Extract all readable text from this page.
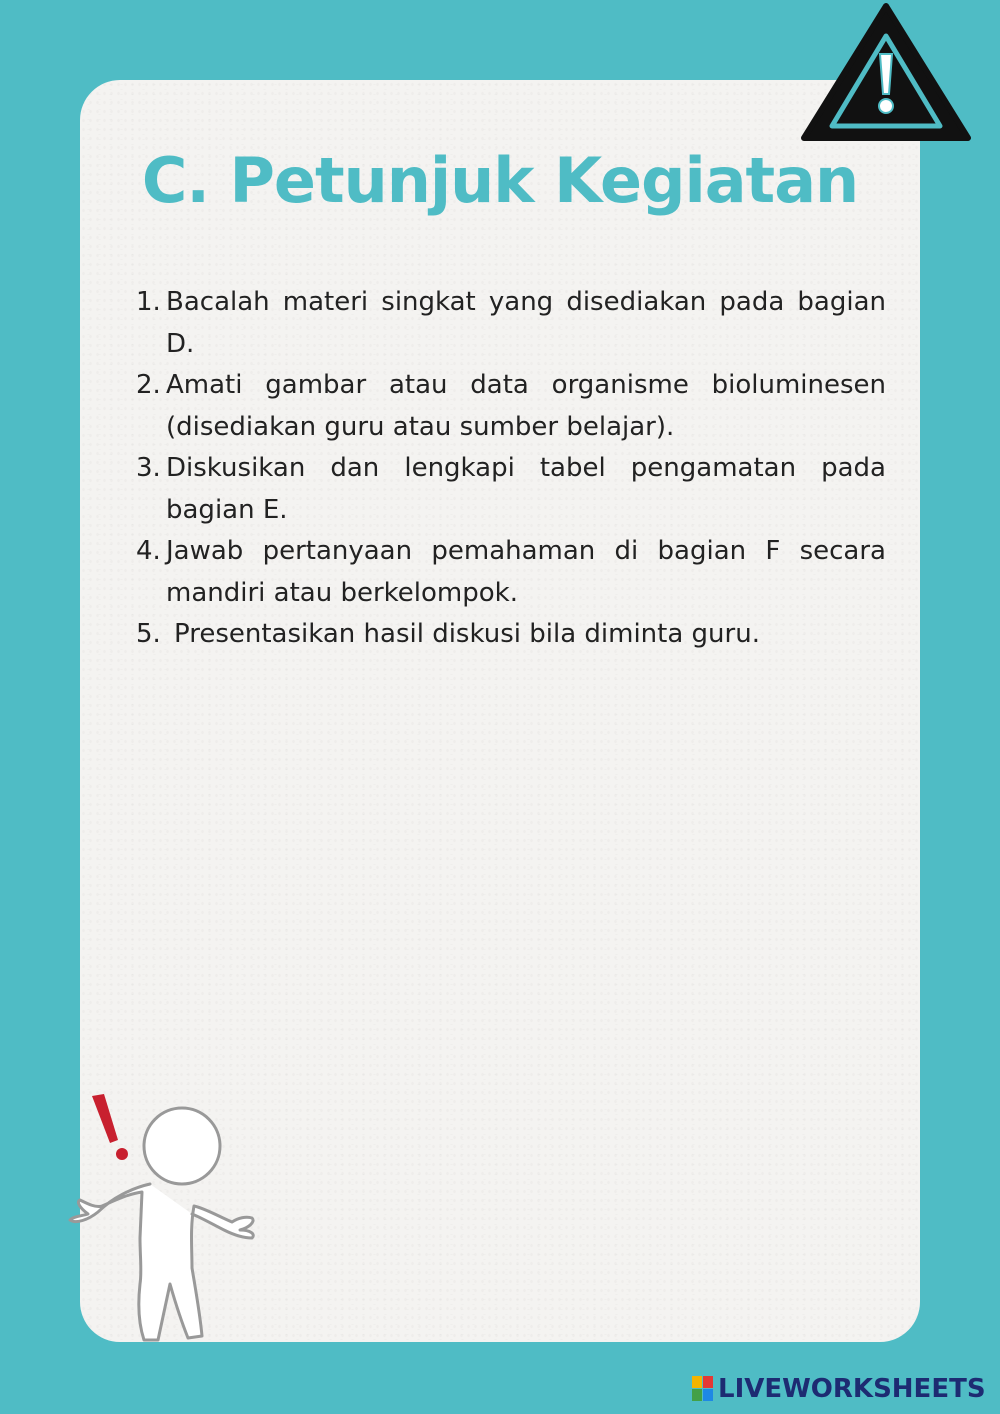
C. Petunjuk Kegiatan
1. Bacalah materi singkat yang disediakan pada bagian D.
2. Amati gambar atau data organisme bioluminesen (disediakan guru atau sumber belajar).
3. Diskusikan dan lengkapi tabel pengamatan pada bagian E.
4. Jawab pertanyaan pemahaman di bagian F secara mandiri atau berkelompok.
5. Presentasikan hasil diskusi bila diminta guru.
LIVEWORKSHEETS
